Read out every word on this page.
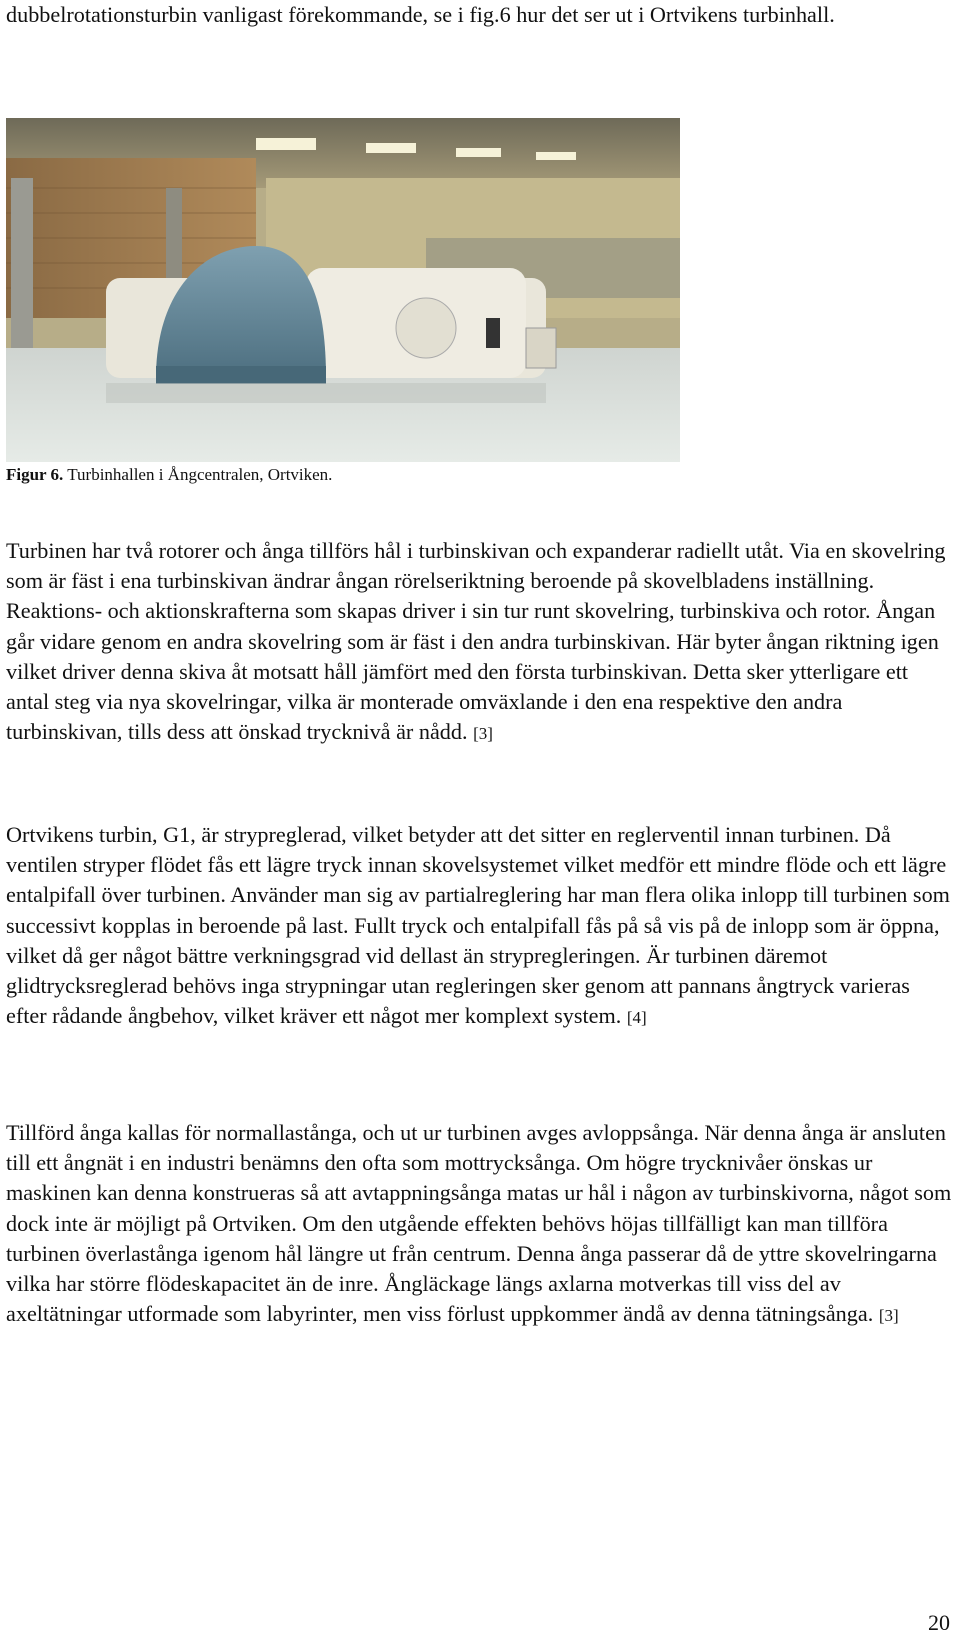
dubbelrotationsturbin vanligast förekommande, se i fig.6 hur det ser ut i Ortvikens turbinhall.

Figur 6. Turbinhallen i Ångcentralen, Ortviken.

Turbinen har två rotorer och ånga tillförs hål i turbinskivan och expanderar radiellt utåt. Via en skovelring som är fäst i ena turbinskivan ändrar ångan rörelseriktning beroende på skovelbladens inställning. Reaktions- och aktionskrafterna som skapas driver i sin tur runt skovelring, turbinskiva och rotor. Ångan går vidare genom en andra skovelring som är fäst i den andra turbinskivan. Här byter ångan riktning igen vilket driver denna skiva åt motsatt håll jämfört med den första turbinskivan. Detta sker ytterligare ett antal steg via nya skovelringar, vilka är monterade omväxlande i den ena respektive den andra turbinskivan, tills dess att önskad trycknivå är nådd. [3]

Ortvikens turbin, G1, är strypreglerad, vilket betyder att det sitter en reglerventil innan turbinen. Då ventilen stryper flödet fås ett lägre tryck innan skovelsystemet vilket medför ett mindre flöde och ett lägre entalpifall över turbinen. Använder man sig av partialreglering har man flera olika inlopp till turbinen som successivt kopplas in beroende på last. Fullt tryck och entalpifall fås på så vis på de inlopp som är öppna, vilket då ger något bättre verkningsgrad vid dellast än strypregleringen. Är turbinen däremot glidtrycksreglerad behövs inga strypningar utan regleringen sker genom att pannans ångtryck varieras efter rådande ångbehov, vilket kräver ett något mer komplext system. [4]

Tillförd ånga kallas för normallastånga, och ut ur turbinen avges avloppsånga. När denna ånga är ansluten till ett ångnät i en industri benämns den ofta som mottrycksånga. Om högre trycknivåer önskas ur maskinen kan denna konstrueras så att avtappningsånga matas ur hål i någon av turbinskivorna, något som dock inte är möjligt på Ortviken. Om den utgående effekten behövs höjas tillfälligt kan man tillföra turbinen överlastånga igenom hål längre ut från centrum. Denna ånga passerar då de yttre skovelringarna vilka har större flödeskapacitet än de inre. Ångläckage längs axlarna motverkas till viss del av axeltätningar utformade som labyrinter, men viss förlust uppkommer ändå av denna tätningsånga. [3]

20
